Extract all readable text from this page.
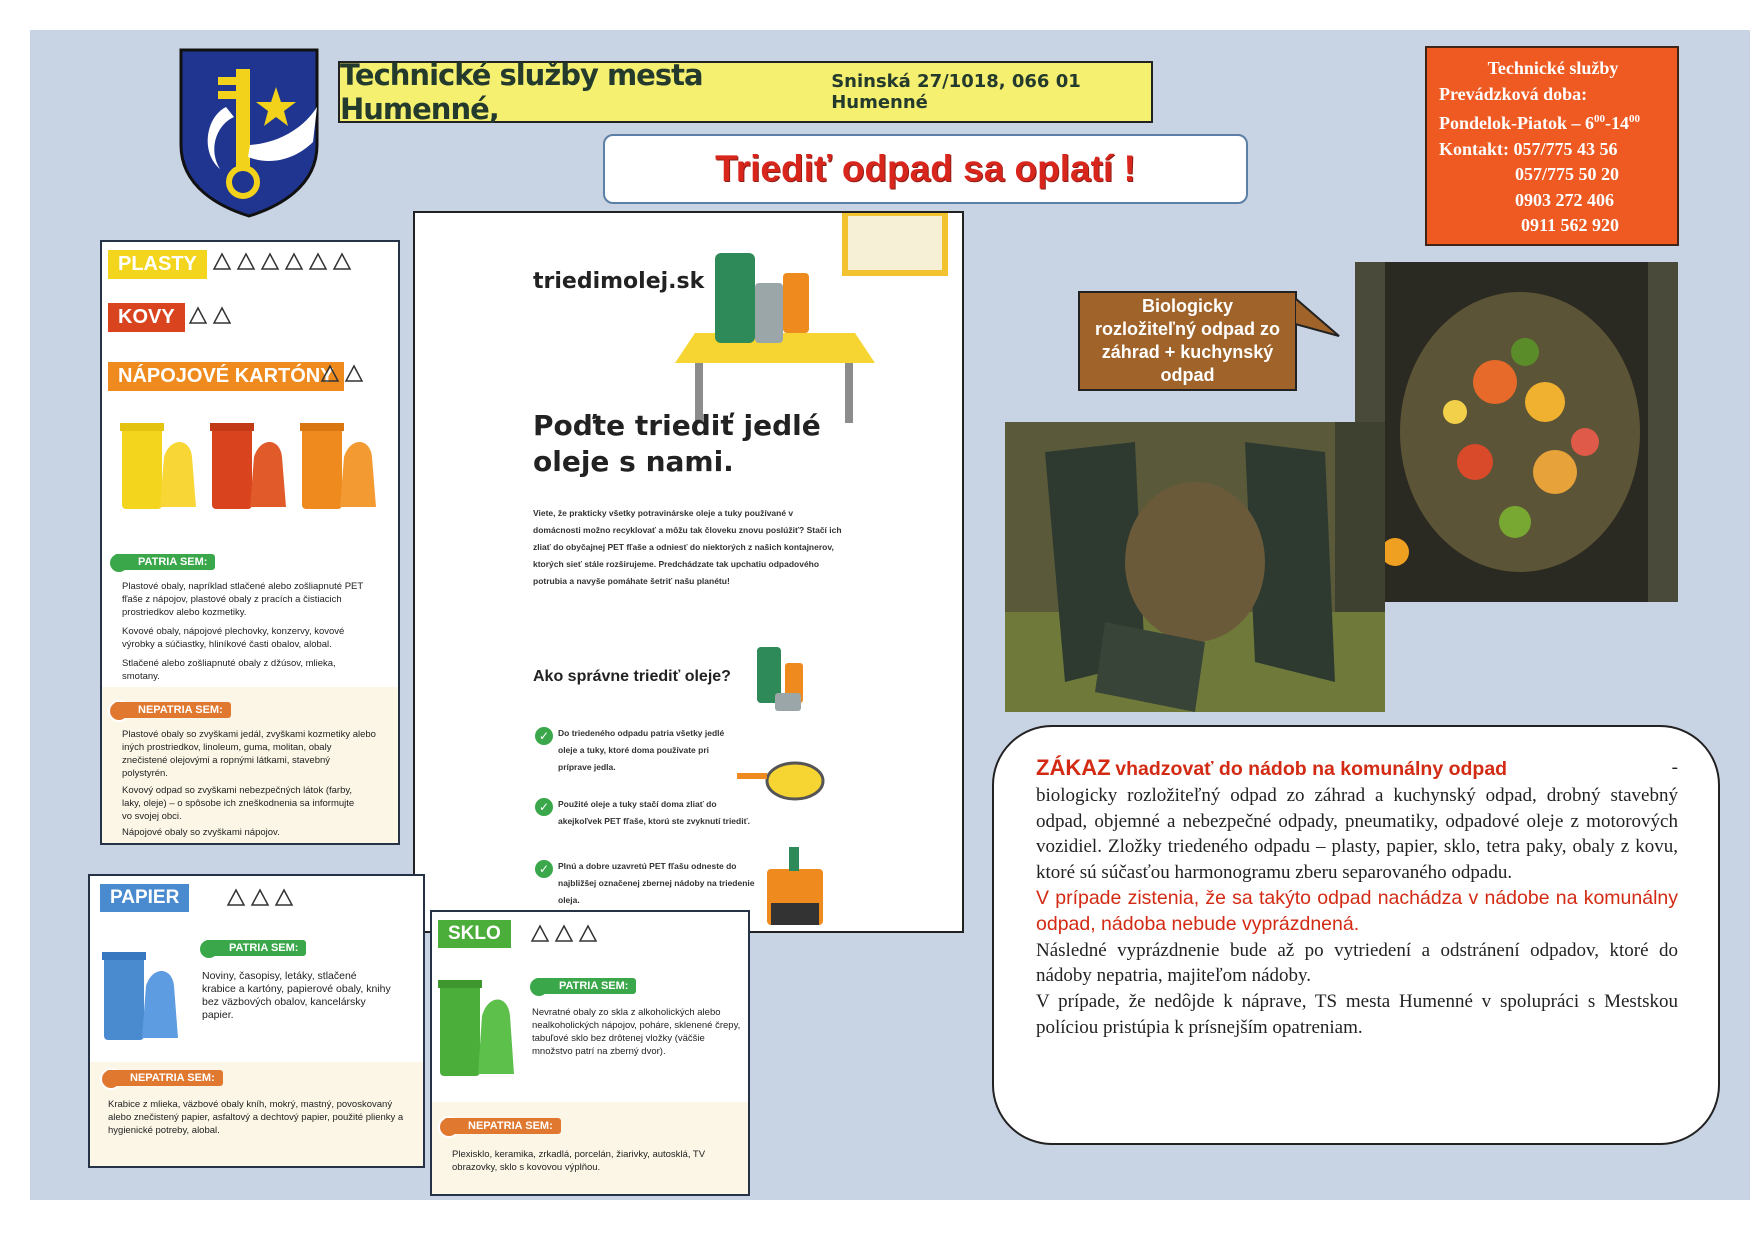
Technické služby mesta Humenné,
Sninská 27/1018, 066 01 Humenné
Triediť odpad sa oplatí !
Technické služby
Prevádzková doba:
Pondelok-Piatok – $6^{00}-14^{00}$
Kontakt: 057/775 43 56
057/775 50 20
0903 272 406
0911 562 920
PLASTY
KOVY
NÁPOJOVÉ KARTÓNY
PATRIA SEM:
Plastové obaly, napríklad stlačené alebo zošliapnuté PET fľaše z nápojov, plastové obaly z pracích a čistiacich prostriedkov alebo kozmetiky.
Kovové obaly, nápojové plechovky, konzervy, kovové výrobky a súčiastky, hliníkové časti obalov, alobal.
Stlačené alebo zošliapnuté obaly z džúsov, mlieka, smotany.
NEPATRIA SEM:
Plastové obaly so zvyškami jedál, zvyškami kozmetiky alebo iných prostriedkov, linoleum, guma, molitan, obaly znečistené olejovými a ropnými látkami, stavebný polystyrén.
Kovový odpad so zvyškami nebezpečných látok (farby, laky, oleje) – o spôsobe ich zneškodnenia sa informujte vo svojej obci.
Nápojové obaly so zvyškami nápojov.
triedimolej.sk
Poďte triediť jedlé
oleje s nami.
Viete, že prakticky všetky potravinárske oleje a tuky používané v domácnosti možno recyklovať a môžu tak človeku znovu poslúžiť? Stačí ich zliať do obyčajnej PET fľaše a odniesť do niektorých z našich kontajnerov, ktorých sieť stále rozširujeme. Predchádzate tak upchatiu odpadového potrubia a navyše pomáhate šetriť našu planétu!
Ako správne triediť oleje?
✓	Do triedeného odpadu patria všetky jedlé oleje a tuky, ktoré doma používate pri príprave jedla.
✓	Použité oleje a tuky stačí doma zliať do akejkoľvek PET fľaše, ktorú ste zvyknutí triediť.
✓	Plnú a dobre uzavretú PET fľašu odneste do najbližšej označenej zbernej nádoby na triedenie oleja.
PAPIER
PATRIA SEM:
Noviny, časopisy, letáky, stlačené krabice a kartóny, papierové obaly, knihy bez väzbových obalov, kancelársky papier.
NEPATRIA SEM:
Krabice z mlieka, väzbové obaly kníh, mokrý, mastný, povoskovaný alebo znečistený papier, asfaltový a dechtový papier, použité plienky a hygienické potreby, alobal.
SKLO
PATRIA SEM:
Nevratné obaly zo skla z alkoholických alebo nealkoholických nápojov, poháre, sklenené črepy, tabuľové sklo bez drôtenej vložky (väčšie množstvo patrí na zberný dvor).
NEPATRIA SEM:
Plexisklo, keramika, zrkadlá, porcelán, žiarivky, autosklá, TV obrazovky, sklo s kovovou výplňou.
Biologicky
rozložiteľný odpad zo
záhrad + kuchynský
odpad

ZÁKAZ vhadzovať do nádob na komunálny odpad	-

biologicky rozložiteľný odpad zo záhrad a kuchynský odpad, drobný stavebný odpad, objemné a nebezpečné odpady, pneumatiky, odpadové oleje z motorových vozidiel. Zložky triedeného odpadu – plasty, papier, sklo, tetra paky, obaly z kovu, ktoré sú súčasťou harmonogramu zberu separovaného odpadu.

V prípade zistenia, že sa takýto odpad nachádza v nádobe na komunálny odpad, nádoba nebude vyprázdnená.

Následné vyprázdnenie bude až po vytriedení a odstránení odpadov, ktoré do nádoby nepatria, majiteľom nádoby.

V prípade, že nedôjde k náprave, TS mesta Humenné v spolupráci s Mestskou políciou pristúpia k prísnejším opatreniam.
